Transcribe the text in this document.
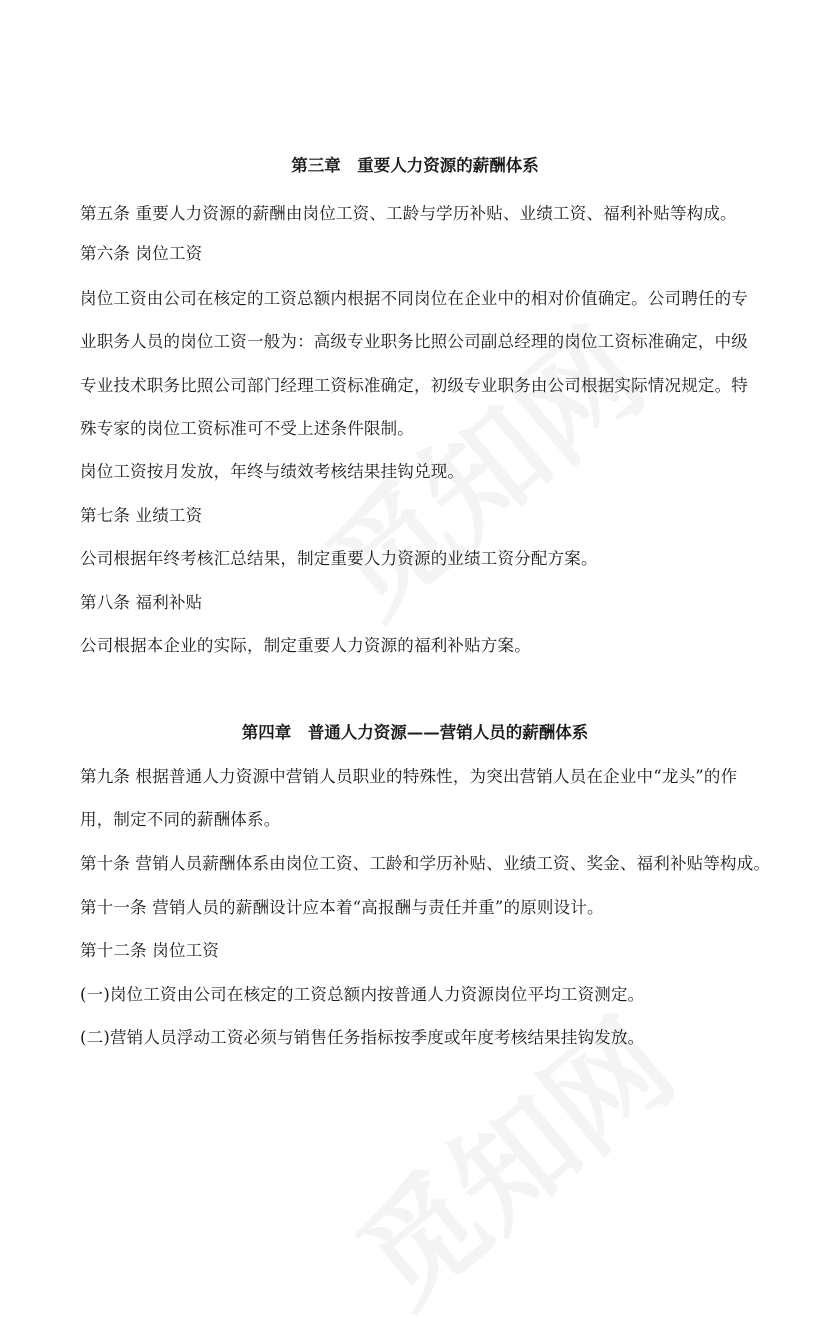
第三章　重要人力资源的薪酬体系
第五条 重要人力资源的薪酬由岗位工资、工龄与学历补贴、业绩工资、福利补贴等构成。
第六条 岗位工资
岗位工资由公司在核定的工资总额内根据不同岗位在企业中的相对价值确定。公司聘任的专
业职务人员的岗位工资一般为：高级专业职务比照公司副总经理的岗位工资标准确定，中级
专业技术职务比照公司部门经理工资标准确定，初级专业职务由公司根据实际情况规定。特
殊专家的岗位工资标准可不受上述条件限制。
岗位工资按月发放，年终与绩效考核结果挂钩兑现。
第七条 业绩工资
公司根据年终考核汇总结果，制定重要人力资源的业绩工资分配方案。
第八条 福利补贴
公司根据本企业的实际，制定重要人力资源的福利补贴方案。
第四章　普通人力资源——营销人员的薪酬体系
第九条 根据普通人力资源中营销人员职业的特殊性，为突出营销人员在企业中“龙头”的作
用，制定不同的薪酬体系。
第十条 营销人员薪酬体系由岗位工资、工龄和学历补贴、业绩工资、奖金、福利补贴等构成。
第十一条 营销人员的薪酬设计应本着“高报酬与责任并重”的原则设计。
第十二条 岗位工资
(一)岗位工资由公司在核定的工资总额内按普通人力资源岗位平均工资测定。
(二)营销人员浮动工资必须与销售任务指标按季度或年度考核结果挂钩发放。
